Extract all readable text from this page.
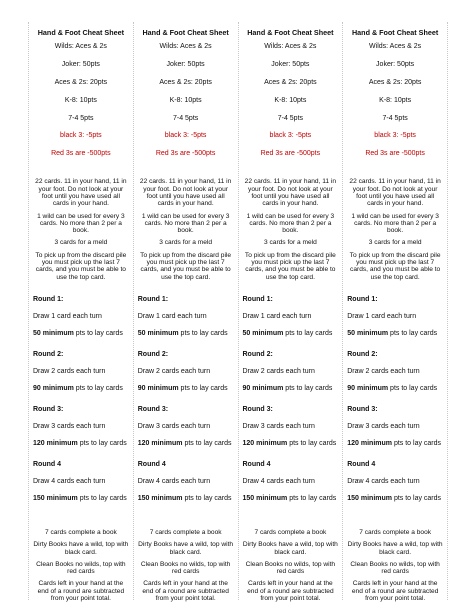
Hand & Foot Cheat Sheet
Wilds: Aces & 2s
Joker: 50pts
Aces & 2s: 20pts
K-8: 10pts
7-4 5pts
black 3: -5pts
Red 3s are -500pts
22 cards. 11 in your hand, 11 in your foot. Do not look at your foot until you have used all cards in your hand.
1 wild can be used for every 3 cards. No more than 2 per a book.
3 cards for a meld
To pick up from the discard pile you must pick up the last 7 cards, and you must be able to use the top card.
Round 1:
Draw 1 card each turn
50 minimum pts to lay cards
Round 2:
Draw 2 cards each turn
90 minimum pts to lay cards
Round 3:
Draw 3 cards each turn
120 minimum pts to lay cards
Round 4
Draw 4 cards each turn
150 minimum pts to lay cards
7 cards complete a book
Dirty Books have a wild, top with black card.
Clean Books no wilds, top with red cards
Cards left in your hand at the end of a round are subtracted from your point total.
Hand & Foot Cheat Sheet
Wilds: Aces & 2s
Joker: 50pts
Aces & 2s: 20pts
K-8: 10pts
7-4 5pts
black 3: -5pts
Red 3s are -500pts
22 cards. 11 in your hand, 11 in your foot. Do not look at your foot until you have used all cards in your hand.
1 wild can be used for every 3 cards. No more than 2 per a book.
3 cards for a meld
To pick up from the discard pile you must pick up the last 7 cards, and you must be able to use the top card.
Round 1:
Draw 1 card each turn
50 minimum pts to lay cards
Round 2:
Draw 2 cards each turn
90 minimum pts to lay cards
Round 3:
Draw 3 cards each turn
120 minimum pts to lay cards
Round 4
Draw 4 cards each turn
150 minimum pts to lay cards
7 cards complete a book
Dirty Books have a wild, top with black card.
Clean Books no wilds, top with red cards
Cards left in your hand at the end of a round are subtracted from your point total.
Hand & Foot Cheat Sheet
Wilds: Aces & 2s
Joker: 50pts
Aces & 2s: 20pts
K-8: 10pts
7-4 5pts
black 3: -5pts
Red 3s are -500pts
22 cards. 11 in your hand, 11 in your foot. Do not look at your foot until you have used all cards in your hand.
1 wild can be used for every 3 cards. No more than 2 per a book.
3 cards for a meld
To pick up from the discard pile you must pick up the last 7 cards, and you must be able to use the top card.
Round 1:
Draw 1 card each turn
50 minimum pts to lay cards
Round 2:
Draw 2 cards each turn
90 minimum pts to lay cards
Round 3:
Draw 3 cards each turn
120 minimum pts to lay cards
Round 4
Draw 4 cards each turn
150 minimum pts to lay cards
7 cards complete a book
Dirty Books have a wild, top with black card.
Clean Books no wilds, top with red cards
Cards left in your hand at the end of a round are subtracted from your point total.
Hand & Foot Cheat Sheet
Wilds: Aces & 2s
Joker: 50pts
Aces & 2s: 20pts
K-8: 10pts
7-4 5pts
black 3: -5pts
Red 3s are -500pts
22 cards. 11 in your hand, 11 in your foot. Do not look at your foot until you have used all cards in your hand.
1 wild can be used for every 3 cards. No more than 2 per a book.
3 cards for a meld
To pick up from the discard pile you must pick up the last 7 cards, and you must be able to use the top card.
Round 1:
Draw 1 card each turn
50 minimum pts to lay cards
Round 2:
Draw 2 cards each turn
90 minimum pts to lay cards
Round 3:
Draw 3 cards each turn
120 minimum pts to lay cards
Round 4
Draw 4 cards each turn
150 minimum pts to lay cards
7 cards complete a book
Dirty Books have a wild, top with black card.
Clean Books no wilds, top with red cards
Cards left in your hand at the end of a round are subtracted from your point total.
